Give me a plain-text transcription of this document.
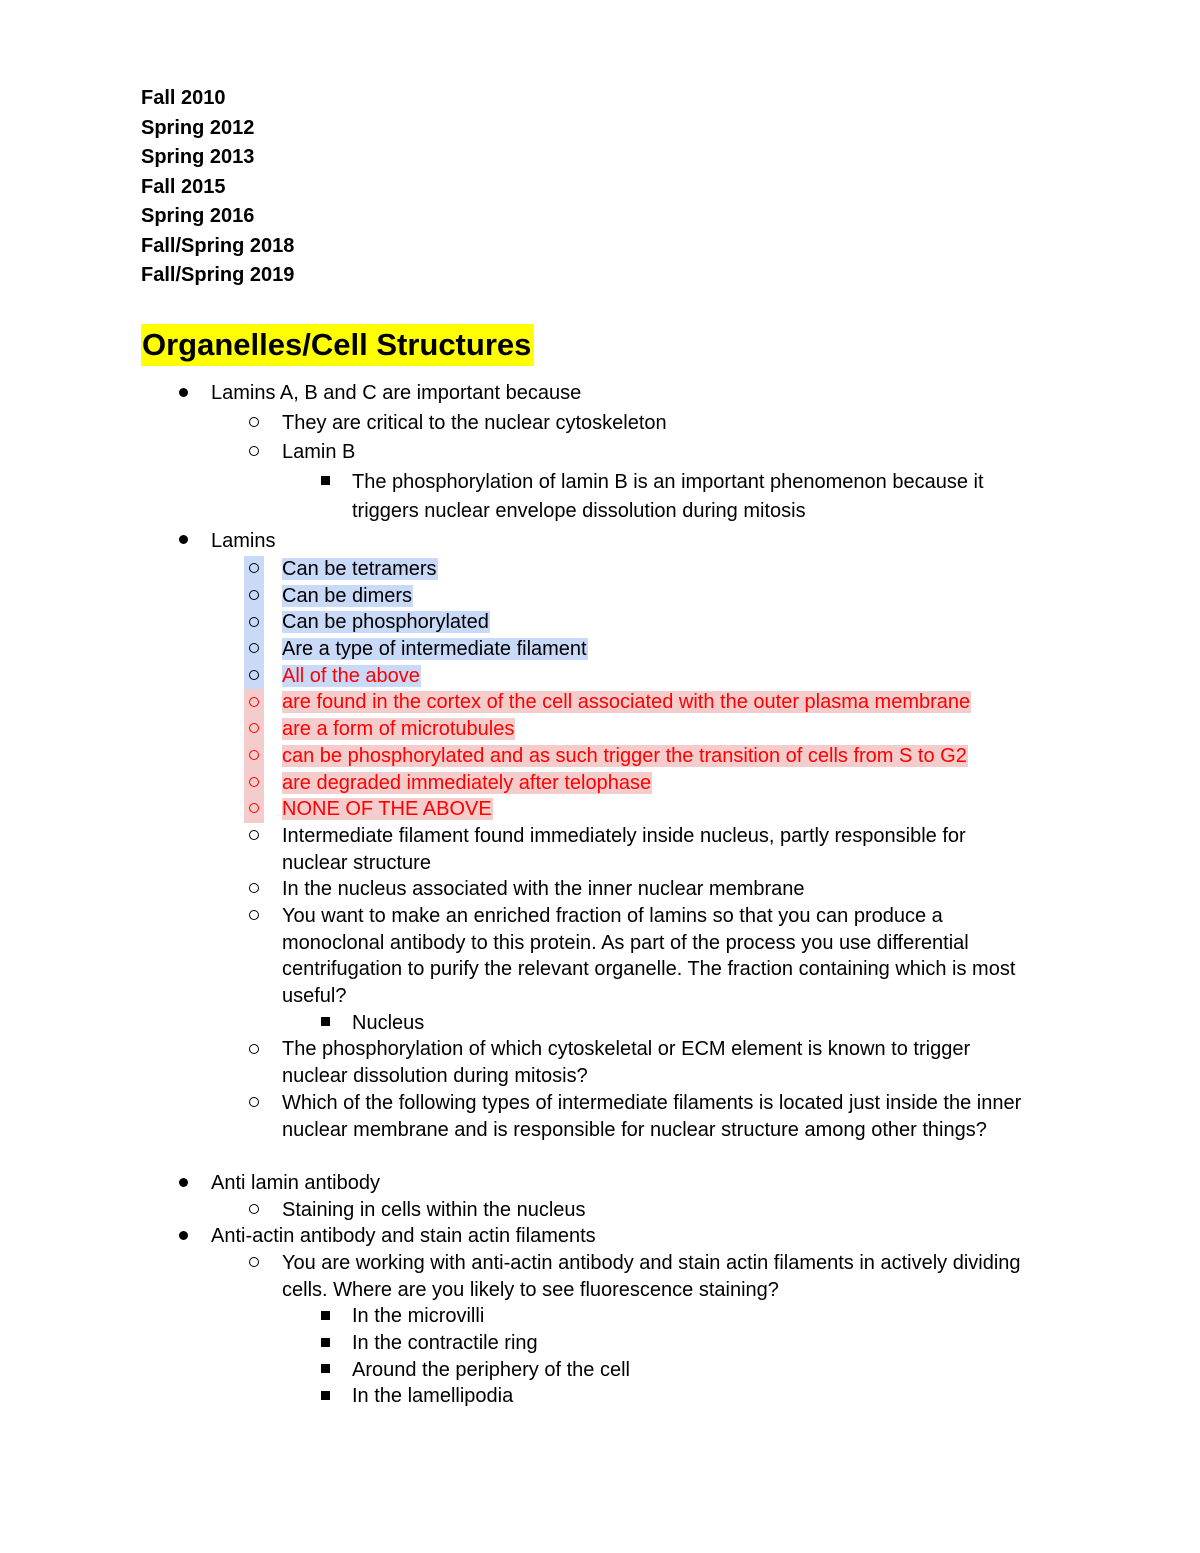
Fall 2010
Spring 2012
Spring 2013
Fall 2015
Spring 2016
Fall/Spring 2018
Fall/Spring 2019
Organelles/Cell Structures
Lamins A, B and C are important because
They are critical to the nuclear cytoskeleton
Lamin B
The phosphorylation of lamin B is an important phenomenon because it triggers nuclear envelope dissolution during mitosis
Lamins
Can be tetramers
Can be dimers
Can be phosphorylated
Are a type of intermediate filament
All of the above
are found in the cortex of the cell associated with the outer plasma membrane
are a form of microtubules
can be phosphorylated and as such trigger the transition of cells from S to G2
are degraded immediately after telophase
NONE OF THE ABOVE
Intermediate filament found immediately inside nucleus, partly responsible for nuclear structure
In the nucleus associated with the inner nuclear membrane
You want to make an enriched fraction of lamins so that you can produce a monoclonal antibody to this protein. As part of the process you use differential centrifugation to purify the relevant organelle. The fraction containing which is most useful?
Nucleus
The phosphorylation of which cytoskeletal or ECM element is known to trigger nuclear dissolution during mitosis?
Which of the following types of intermediate filaments is located just inside the inner nuclear membrane and is responsible for nuclear structure among other things?
Anti lamin antibody
Staining in cells within the nucleus
Anti-actin antibody and stain actin filaments
You are working with anti-actin antibody and stain actin filaments in actively dividing cells. Where are you likely to see fluorescence staining?
In the microvilli
In the contractile ring
Around the periphery of the cell
In the lamellipodia
